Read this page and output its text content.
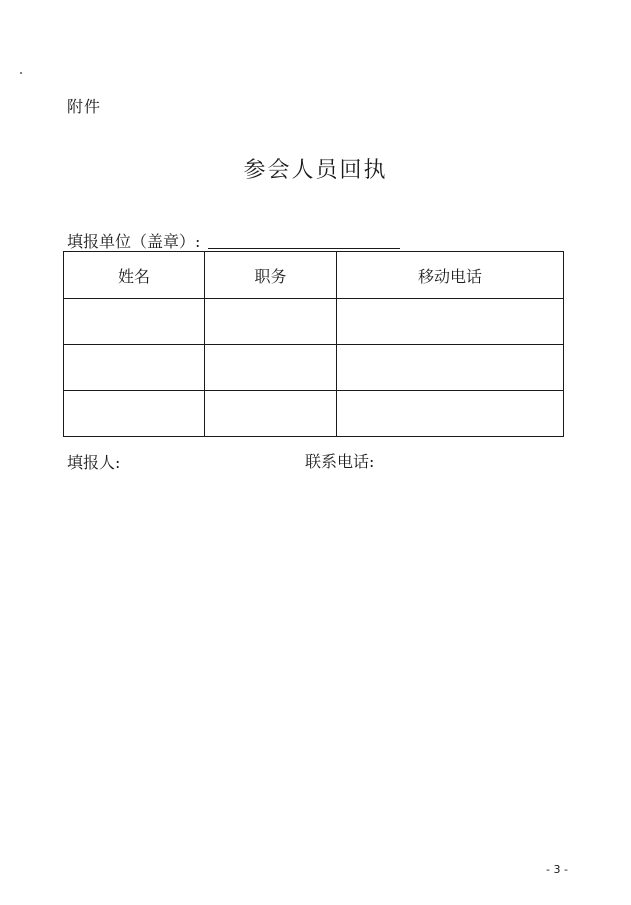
附件
参会人员回执
填报单位（盖章）:
姓名	职务	移动电话

填报人:	联系电话:
- 3 -
